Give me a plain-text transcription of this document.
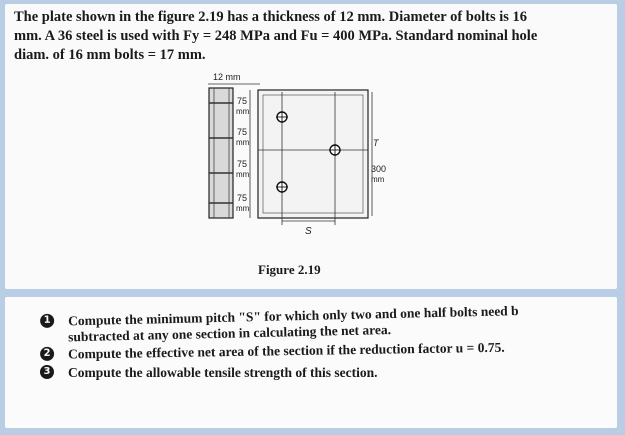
The plate shown in the figure 2.19 has a thickness of 12 mm. Diameter of bolts is 16

mm. A 36 steel is used with Fy = 248 MPa and Fu = 400 MPa. Standard nominal hole

diam. of 16 mm bolts = 17 mm.

12 mm
75
mm
75
mm
75
mm
75
mm
S
T
300
mm
Figure 2.19
1 Compute the minimum pitch "S" for which only two and one half bolts need b
subtracted at any one section in calculating the net area.
2 Compute the effective net area of the section if the reduction factor u = 0.75.
3 Compute the allowable tensile strength of this section.
